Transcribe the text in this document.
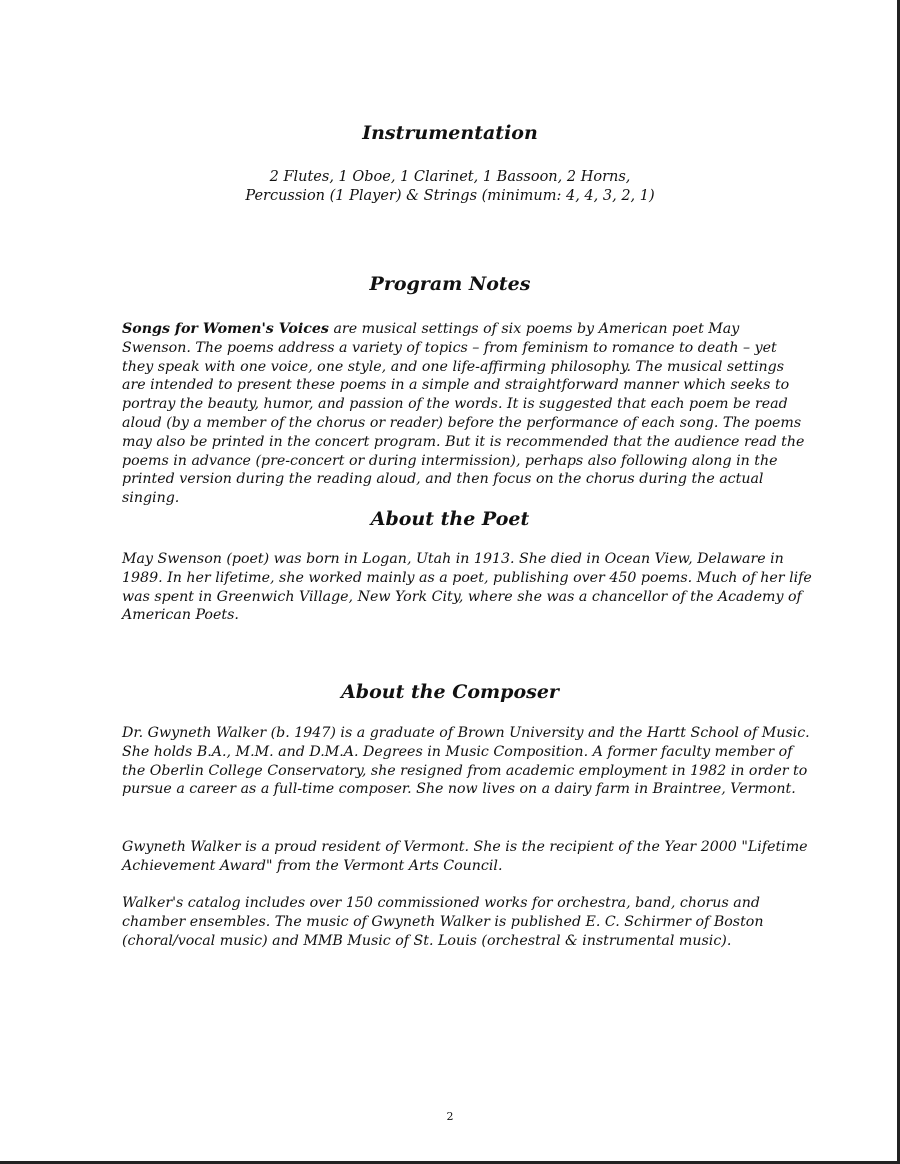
Instrumentation

2 Flutes, 1 Oboe, 1 Clarinet, 1 Bassoon, 2 Horns,

Percussion (1 Player) & Strings (minimum: 4, 4, 3, 2, 1)

Program Notes

Songs for Women's Voices are musical settings of six poems by American poet May Swenson. The poems address a variety of topics – from feminism to romance to death – yet they speak with one voice, one style, and one life-affirming philosophy. The musical settings are intended to present these poems in a simple and straightforward manner which seeks to portray the beauty, humor, and passion of the words. It is suggested that each poem be read aloud (by a member of the chorus or reader) before the performance of each song. The poems may also be printed in the concert program. But it is recommended that the audience read the poems in advance (pre-concert or during intermission), perhaps also following along in the printed version during the reading aloud, and then focus on the chorus during the actual singing.

About the Poet

May Swenson (poet) was born in Logan, Utah in 1913. She died in Ocean View, Delaware in 1989. In her lifetime, she worked mainly as a poet, publishing over 450 poems. Much of her life was spent in Greenwich Village, New York City, where she was a chancellor of the Academy of American Poets.

About the Composer

Dr. Gwyneth Walker (b. 1947) is a graduate of Brown University and the Hartt School of Music. She holds B.A., M.M. and D.M.A. Degrees in Music Composition. A former faculty member of the Oberlin College Conservatory, she resigned from academic employment in 1982 in order to pursue a career as a full-time composer. She now lives on a dairy farm in Braintree, Vermont.

Gwyneth Walker is a proud resident of Vermont. She is the recipient of the Year 2000 "Lifetime Achievement Award" from the Vermont Arts Council.

Walker's catalog includes over 150 commissioned works for orchestra, band, chorus and chamber ensembles. The music of Gwyneth Walker is published E. C. Schirmer of Boston (choral/vocal music) and MMB Music of St. Louis (orchestral & instrumental music).

2
